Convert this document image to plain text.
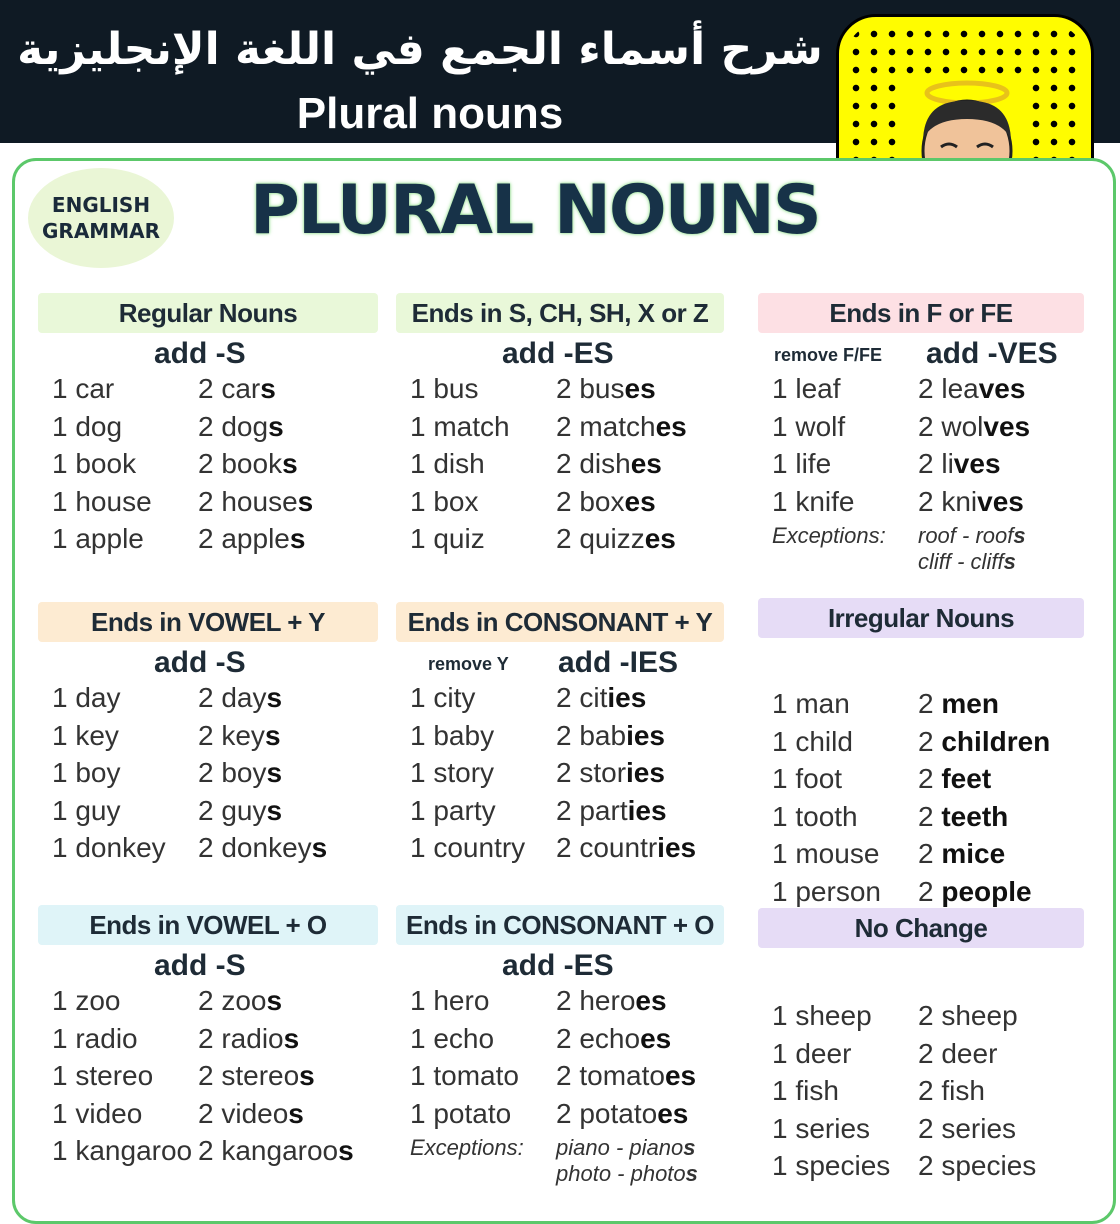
شرح أسماء الجمع في اللغة الإنجليزية
Plural nouns
ENGLISH
GRAMMAR PLURAL NOUNS
Regular Nouns
add -S
1 car	2 cars
1 dog	2 dogs
1 book 2 books
1 house 2 houses
1 apple 2 apples
Ends in S, CH, SH, X or Z
add -ES
1 bus	2 buses
1 match 2 matches
1 dish	2 dishes
1 box	2 boxes
1 quiz	2 quizzes
Ends in F or FE
remove F/FE add -VES
1 leaf	2 leaves
1 wolf	2 wolves
1 life	2 lives
1 knife 2 knives
Exceptions: roof - roofs
cliff - cliffs
Ends in VOWEL + Y
add -S
1 day	2 days
1 key	2 keys
1 boy	2 boys
1 guy	2 guys
1 donkey 2 donkeys
Ends in CONSONANT + Y
remove Y add -IES
1 city	2 cities
1 baby 2 babies
1 story 2 stories
1 party 2 parties
1 country 2 countries
Irregular Nouns
1 man 2 men
1 child 2 children
1 foot	2 feet
1 tooth 2 teeth
1 mouse 2 mice
1 person 2 people
Ends in VOWEL + O
add -S
1 zoo	2 zoos
1 radio 2 radios
1 stereo 2 stereos
1 video 2 videos
1 kangaroo 2 kangaroos
Ends in CONSONANT + O
add -ES
1 hero 2 heroes
1 echo 2 echoes
1 tomato 2 tomatoes
1 potato 2 potatoes
Exceptions: piano - pianos
photo - photos
No Change
1 sheep 2 sheep
1 deer 2 deer
1 fish	2 fish
1 series 2 series
1 species 2 species
